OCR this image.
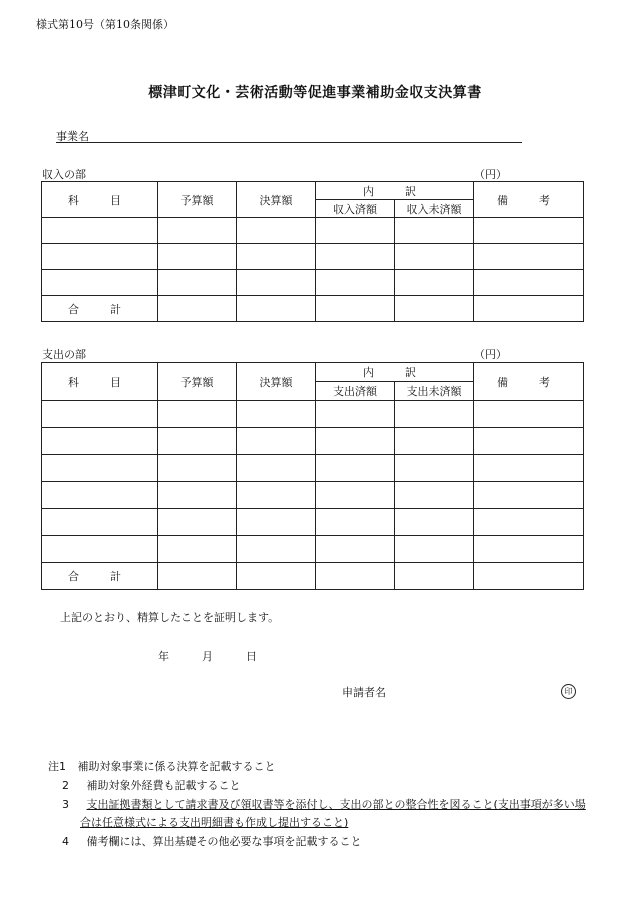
様式第10号（第10条関係）
標津町文化・芸術活動等促進事業補助金収支決算書
事業名
収入の部	（円）
科　目	予算額	決算額	内　訳		備　考
			収入済額	収入未済額	

合　計					
支出の部	（円）
科　目	予算額	決算額	内　訳		備　考
			支出済額	支出未済額	

合　計					
上記のとおり、精算したことを証明します。
年	月	日
申請者名	印
注1 補助対象事業に係る決算を記載すること
2 補助対象外経費も記載すること
3 支出証拠書類として請求書及び領収書等を添付し、支出の部との整合性を図ること(支出事項が多い場
合は任意様式による支出明細書も作成し提出すること)
4 備考欄には、算出基礎その他必要な事項を記載すること
